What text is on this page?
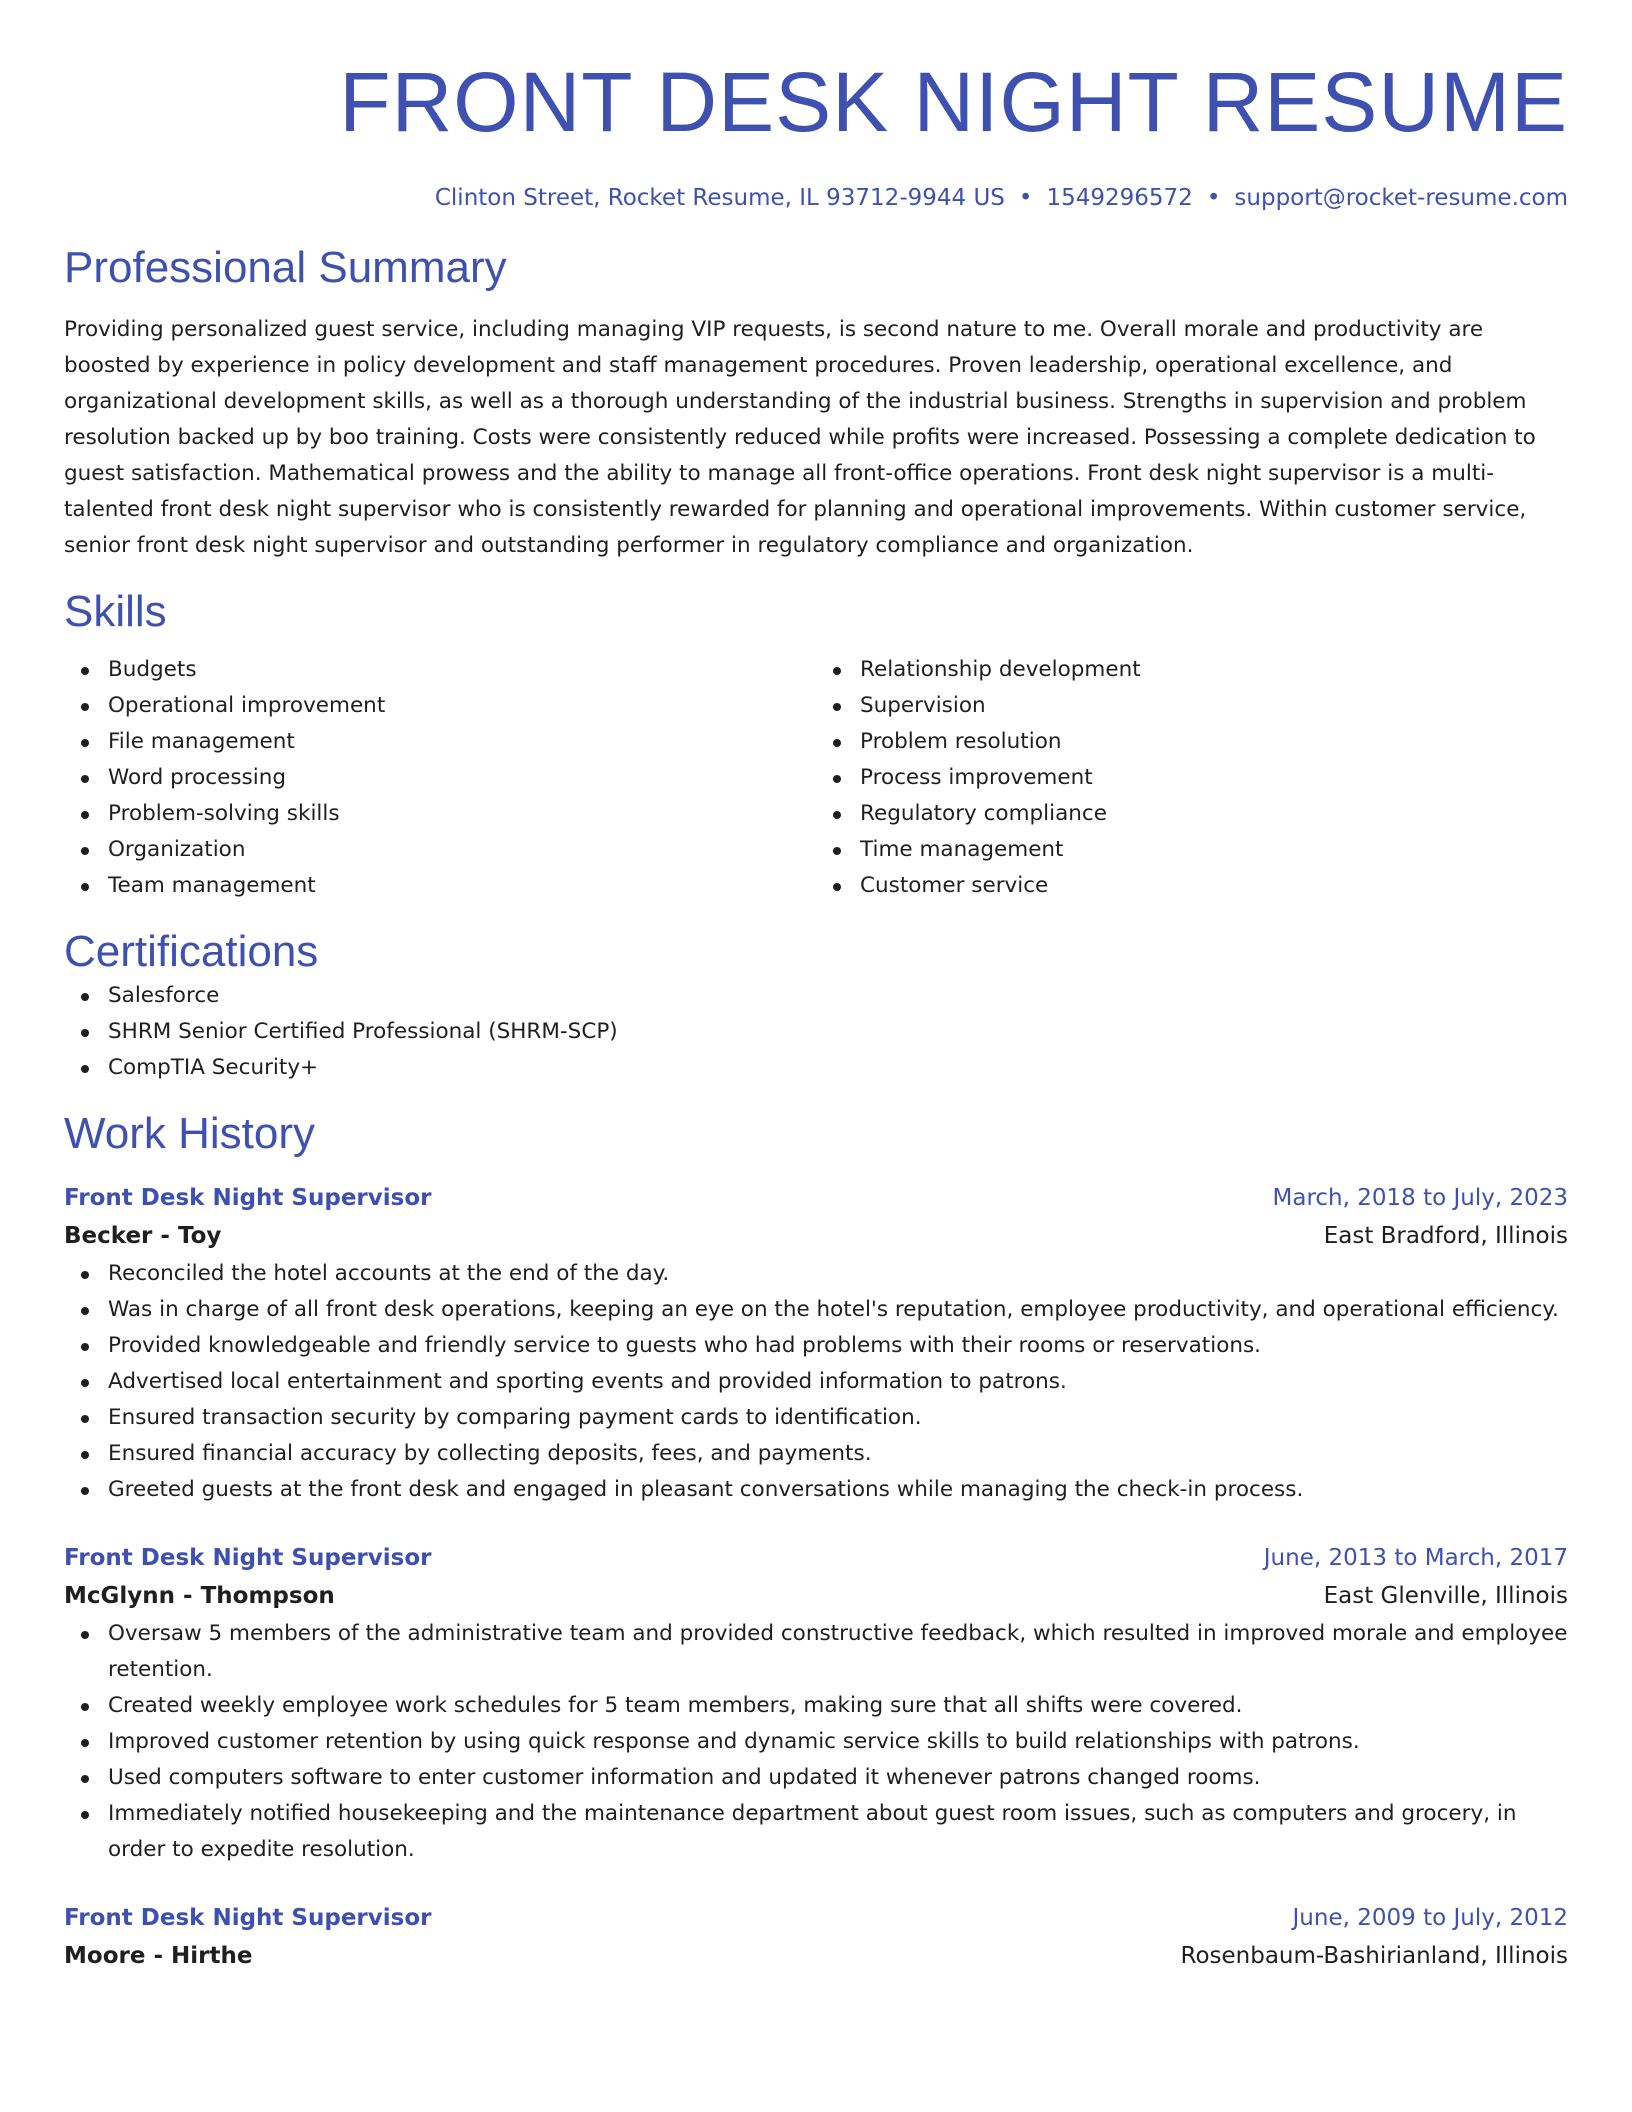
FRONT DESK NIGHT RESUME
Clinton Street, Rocket Resume, IL 93712-9944 US • 1549296572 • support@rocket-resume.com
Professional Summary

Providing personalized guest service, including managing VIP requests, is second nature to me. Overall morale and productivity are boosted by experience in policy development and staff management procedures. Proven leadership, operational excellence, and organizational development skills, as well as a thorough understanding of the industrial business. Strengths in supervision and problem resolution backed up by boo training. Costs were consistently reduced while profits were increased. Possessing a complete dedication to guest satisfaction. Mathematical prowess and the ability to manage all front-office operations. Front desk night supervisor is a multi-talented front desk night supervisor who is consistently rewarded for planning and operational improvements. Within customer service, senior front desk night supervisor and outstanding performer in regulatory compliance and organization.

Skills
Budgets
Operational improvement
File management
Word processing
Problem-solving skills
Organization
Team management
Relationship development
Supervision
Problem resolution
Process improvement
Regulatory compliance
Time management
Customer service
Certifications
Salesforce
SHRM Senior Certified Professional (SHRM-SCP)
CompTIA Security+
Work History
Front Desk Night Supervisor	March, 2018 to July, 2023
Becker - Toy	East Bradford, Illinois
Reconciled the hotel accounts at the end of the day.
Was in charge of all front desk operations, keeping an eye on the hotel's reputation, employee productivity, and operational efficiency.
Provided knowledgeable and friendly service to guests who had problems with their rooms or reservations.
Advertised local entertainment and sporting events and provided information to patrons.
Ensured transaction security by comparing payment cards to identification.
Ensured financial accuracy by collecting deposits, fees, and payments.
Greeted guests at the front desk and engaged in pleasant conversations while managing the check-in process.
Front Desk Night Supervisor	June, 2013 to March, 2017
McGlynn - Thompson	East Glenville, Illinois
Oversaw 5 members of the administrative team and provided constructive feedback, which resulted in improved morale and employee retention.
Created weekly employee work schedules for 5 team members, making sure that all shifts were covered.
Improved customer retention by using quick response and dynamic service skills to build relationships with patrons.
Used computers software to enter customer information and updated it whenever patrons changed rooms.
Immediately notified housekeeping and the maintenance department about guest room issues, such as computers and grocery, in order to expedite resolution.
Front Desk Night Supervisor	June, 2009 to July, 2012
Moore - Hirthe	Rosenbaum-Bashirianland, Illinois
